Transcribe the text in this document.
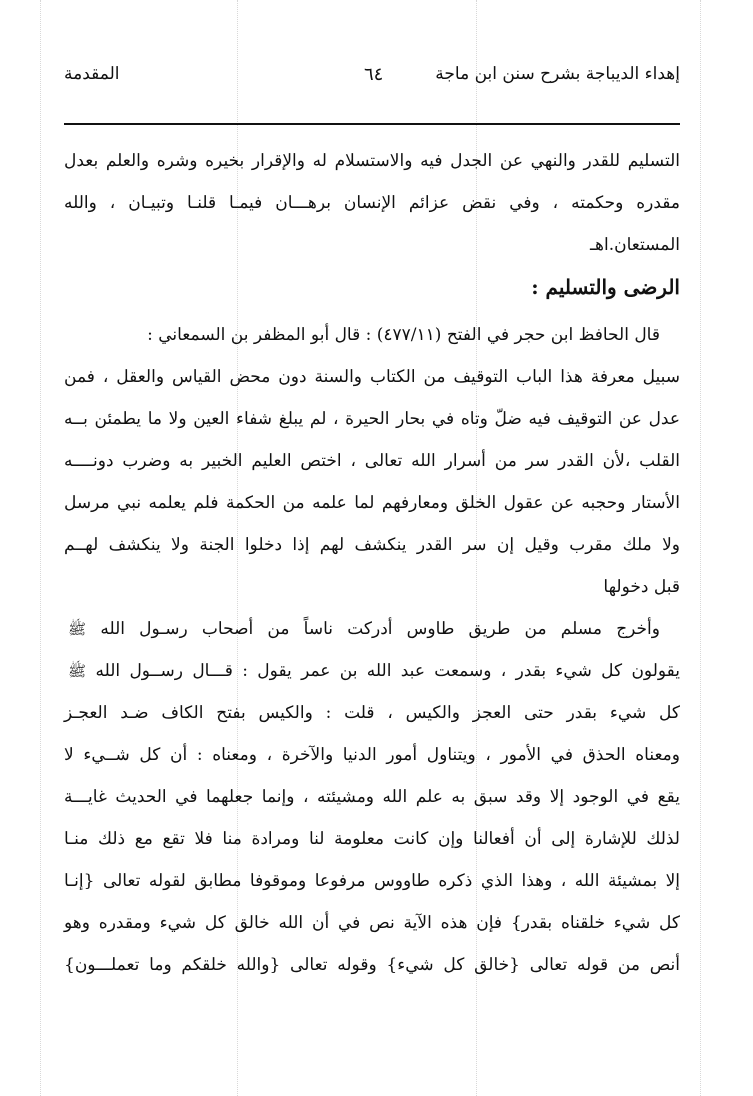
إهداء الديباجة بشرح سنن ابن ماجة
٦٤
المقدمة
التسليم للقدر والنهي عن الجدل فيه والاستسلام له والإقرار بخيره وشره والعلم بعدل
مقدره وحكمته ، وفي نقض عزائم الإنسان برهـــان فيمـا قلنـا وتبيـان ، والله
المستعان.اهـ
الرضى والتسليم :
قال الحافظ ابن حجر في الفتح (٤٧٧/١١) : قال أبو المظفر بن السمعاني :
سبيل معرفة هذا الباب التوقيف من الكتاب والسنة دون محض القياس والعقل ، فمن
عدل عن التوقيف فيه ضلّ وتاه في بحار الحيرة ، لم يبلغ شفاء العين ولا ما يطمئن بــه
القلب ،لأن القدر سر من أسرار الله تعالى ، اختص العليم الخبير به وضرب دونــــه
الأستار وحجبه عن عقول الخلق ومعارفهم لما علمه من الحكمة فلم يعلمه نبي مرسل
ولا ملك مقرب وقيل إن سر القدر ينكشف لهم إذا دخلوا الجنة ولا ينكشف لهــم
قبل دخولها
وأخرج مسلم من طريق طاوس أدركت ناساً من أصحاب رسـول الله ﷺ
يقولون كل شيء بقدر ، وسمعت عبد الله بن عمر يقول : قـــال رســول الله ﷺ
كل شيء بقدر حتى العجز والكيس ، قلت : والكيس بفتح الكاف ضـد العجـز
ومعناه الحذق في الأمور ، ويتناول أمور الدنيا والآخرة ، ومعناه : أن كل شــيء لا
يقع في الوجود إلا وقد سبق به علم الله ومشيئته ، وإنما جعلهما في الحديث غايـــة
لذلك للإشارة إلى أن أفعالنا وإن كانت معلومة لنا ومرادة منا فلا تقع مع ذلك منـا
إلا بمشيئة الله ، وهذا الذي ذكره طاووس مرفوعا وموقوفا مطابق لقوله تعالى {إنـا
كل شيء خلقناه بقدر} فإن هذه الآية نص في أن الله خالق كل شيء ومقدره وهو
أنص من قوله تعالى {خالق كل شيء} وقوله تعالى {والله خلقكم وما تعملـــون}
